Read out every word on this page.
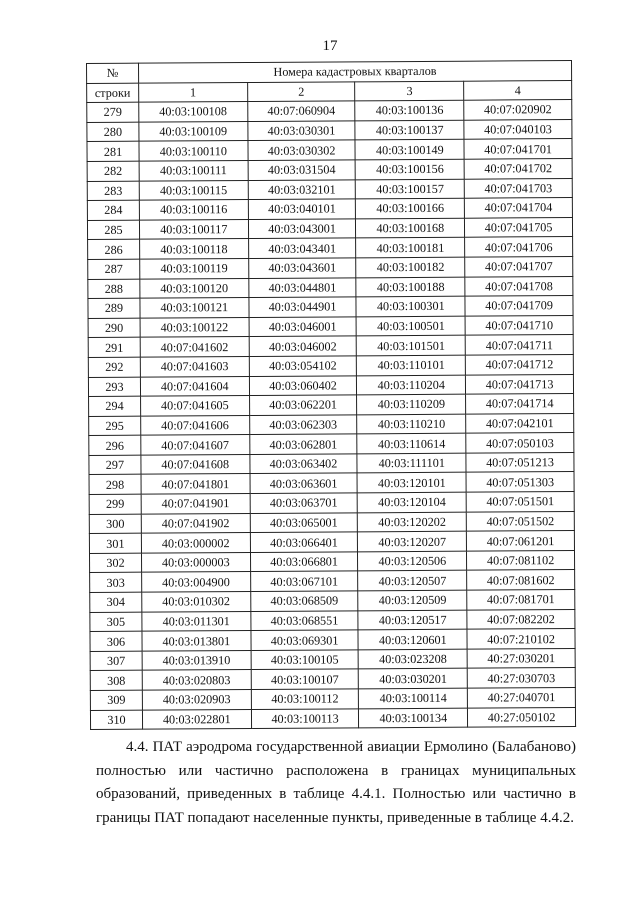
17
№	Номера кадастровых кварталов			
строки	1	2	3	4
279	40:03:100108	40:07:060904	40:03:100136	40:07:020902
280	40:03:100109	40:03:030301	40:03:100137	40:07:040103
281	40:03:100110	40:03:030302	40:03:100149	40:07:041701
282	40:03:100111	40:03:031504	40:03:100156	40:07:041702
283	40:03:100115	40:03:032101	40:03:100157	40:07:041703
284	40:03:100116	40:03:040101	40:03:100166	40:07:041704
285	40:03:100117	40:03:043001	40:03:100168	40:07:041705
286	40:03:100118	40:03:043401	40:03:100181	40:07:041706
287	40:03:100119	40:03:043601	40:03:100182	40:07:041707
288	40:03:100120	40:03:044801	40:03:100188	40:07:041708
289	40:03:100121	40:03:044901	40:03:100301	40:07:041709
290	40:03:100122	40:03:046001	40:03:100501	40:07:041710
291	40:07:041602	40:03:046002	40:03:101501	40:07:041711
292	40:07:041603	40:03:054102	40:03:110101	40:07:041712
293	40:07:041604	40:03:060402	40:03:110204	40:07:041713
294	40:07:041605	40:03:062201	40:03:110209	40:07:041714
295	40:07:041606	40:03:062303	40:03:110210	40:07:042101
296	40:07:041607	40:03:062801	40:03:110614	40:07:050103
297	40:07:041608	40:03:063402	40:03:111101	40:07:051213
298	40:07:041801	40:03:063601	40:03:120101	40:07:051303
299	40:07:041901	40:03:063701	40:03:120104	40:07:051501
300	40:07:041902	40:03:065001	40:03:120202	40:07:051502
301	40:03:000002	40:03:066401	40:03:120207	40:07:061201
302	40:03:000003	40:03:066801	40:03:120506	40:07:081102
303	40:03:004900	40:03:067101	40:03:120507	40:07:081602
304	40:03:010302	40:03:068509	40:03:120509	40:07:081701
305	40:03:011301	40:03:068551	40:03:120517	40:07:082202
306	40:03:013801	40:03:069301	40:03:120601	40:07:210102
307	40:03:013910	40:03:100105	40:03:023208	40:27:030201
308	40:03:020803	40:03:100107	40:03:030201	40:27:030703
309	40:03:020903	40:03:100112	40:03:100114	40:27:040701
310	40:03:022801	40:03:100113	40:03:100134	40:27:050102

4.4. ПАТ аэродрома государственной авиации Ермолино (Балабаново) полностью или частично расположена в границах муниципальных образований, приведенных в таблице 4.4.1. Полностью или частично в границы ПАТ попадают населенные пункты, приведенные в таблице 4.4.2.
